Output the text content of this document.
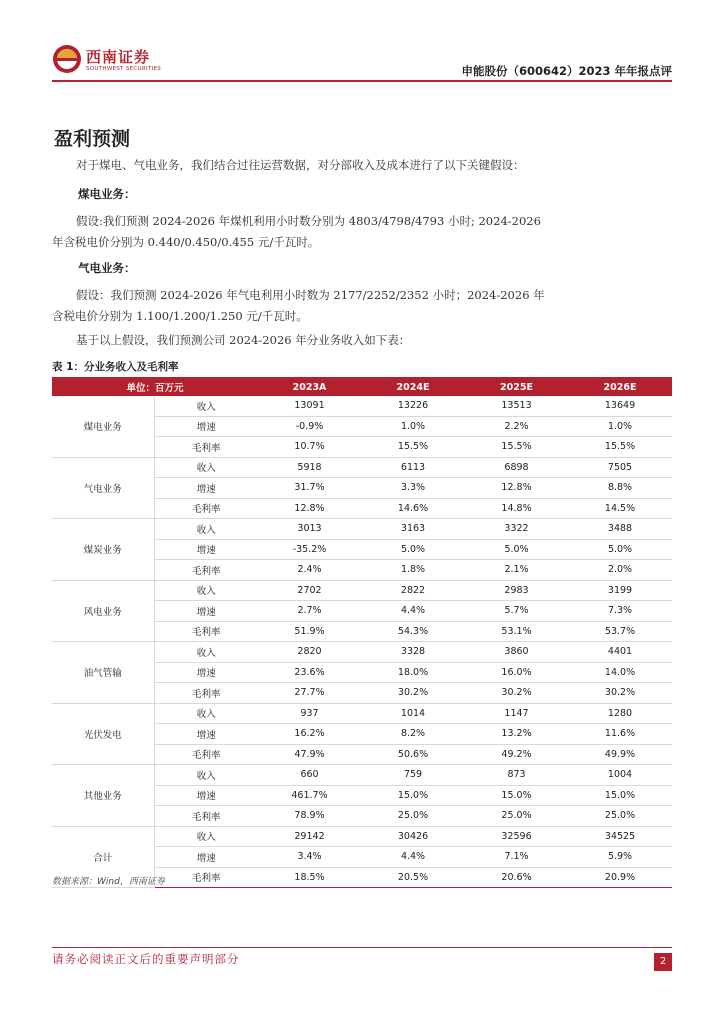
西南证券
SOUTHWEST SECURITIES	申能股份（600642）2023 年年报点评
盈利预测
对于煤电、气电业务，我们结合过往运营数据，对分部收入及成本进行了以下关键假设：
煤电业务：
假设:我们预测 2024-2026 年煤机利用小时数分别为 4803/4798/4793 小时; 2024-2026
年含税电价分别为 0.440/0.450/0.455 元/千瓦时。
气电业务：
假设：我们预测 2024-2026 年气电利用小时数为 2177/2252/2352 小时；2024-2026 年
含税电价分别为 1.100/1.200/1.250 元/千瓦时。
基于以上假设，我们预测公司 2024-2026 年分业务收入如下表：
表 1：分业务收入及毛利率
单位：百万元		2023A	2024E	2025E	2026E
煤电业务	收入	13091	13226	13513	13649
	增速	-0.9%	1.0%	2.2%	1.0%
	毛利率	10.7%	15.5%	15.5%	15.5%
气电业务	收入	5918	6113	6898	7505
	增速	31.7%	3.3%	12.8%	8.8%
	毛利率	12.8%	14.6%	14.8%	14.5%
煤炭业务	收入	3013	3163	3322	3488
	增速	-35.2%	5.0%	5.0%	5.0%
	毛利率	2.4%	1.8%	2.1%	2.0%
风电业务	收入	2702	2822	2983	3199
	增速	2.7%	4.4%	5.7%	7.3%
	毛利率	51.9%	54.3%	53.1%	53.7%
油气管输	收入	2820	3328	3860	4401
	增速	23.6%	18.0%	16.0%	14.0%
	毛利率	27.7%	30.2%	30.2%	30.2%
光伏发电	收入	937	1014	1147	1280
	增速	16.2%	8.2%	13.2%	11.6%
	毛利率	47.9%	50.6%	49.2%	49.9%
其他业务	收入	660	759	873	1004
	增速	461.7%	15.0%	15.0%	15.0%
	毛利率	78.9%	25.0%	25.0%	25.0%
合计	收入	29142	30426	32596	34525
	增速	3.4%	4.4%	7.1%	5.9%
	毛利率	18.5%	20.5%	20.6%	20.9%
数据来源：Wind，西南证券
请务必阅读正文后的重要声明部分	2
